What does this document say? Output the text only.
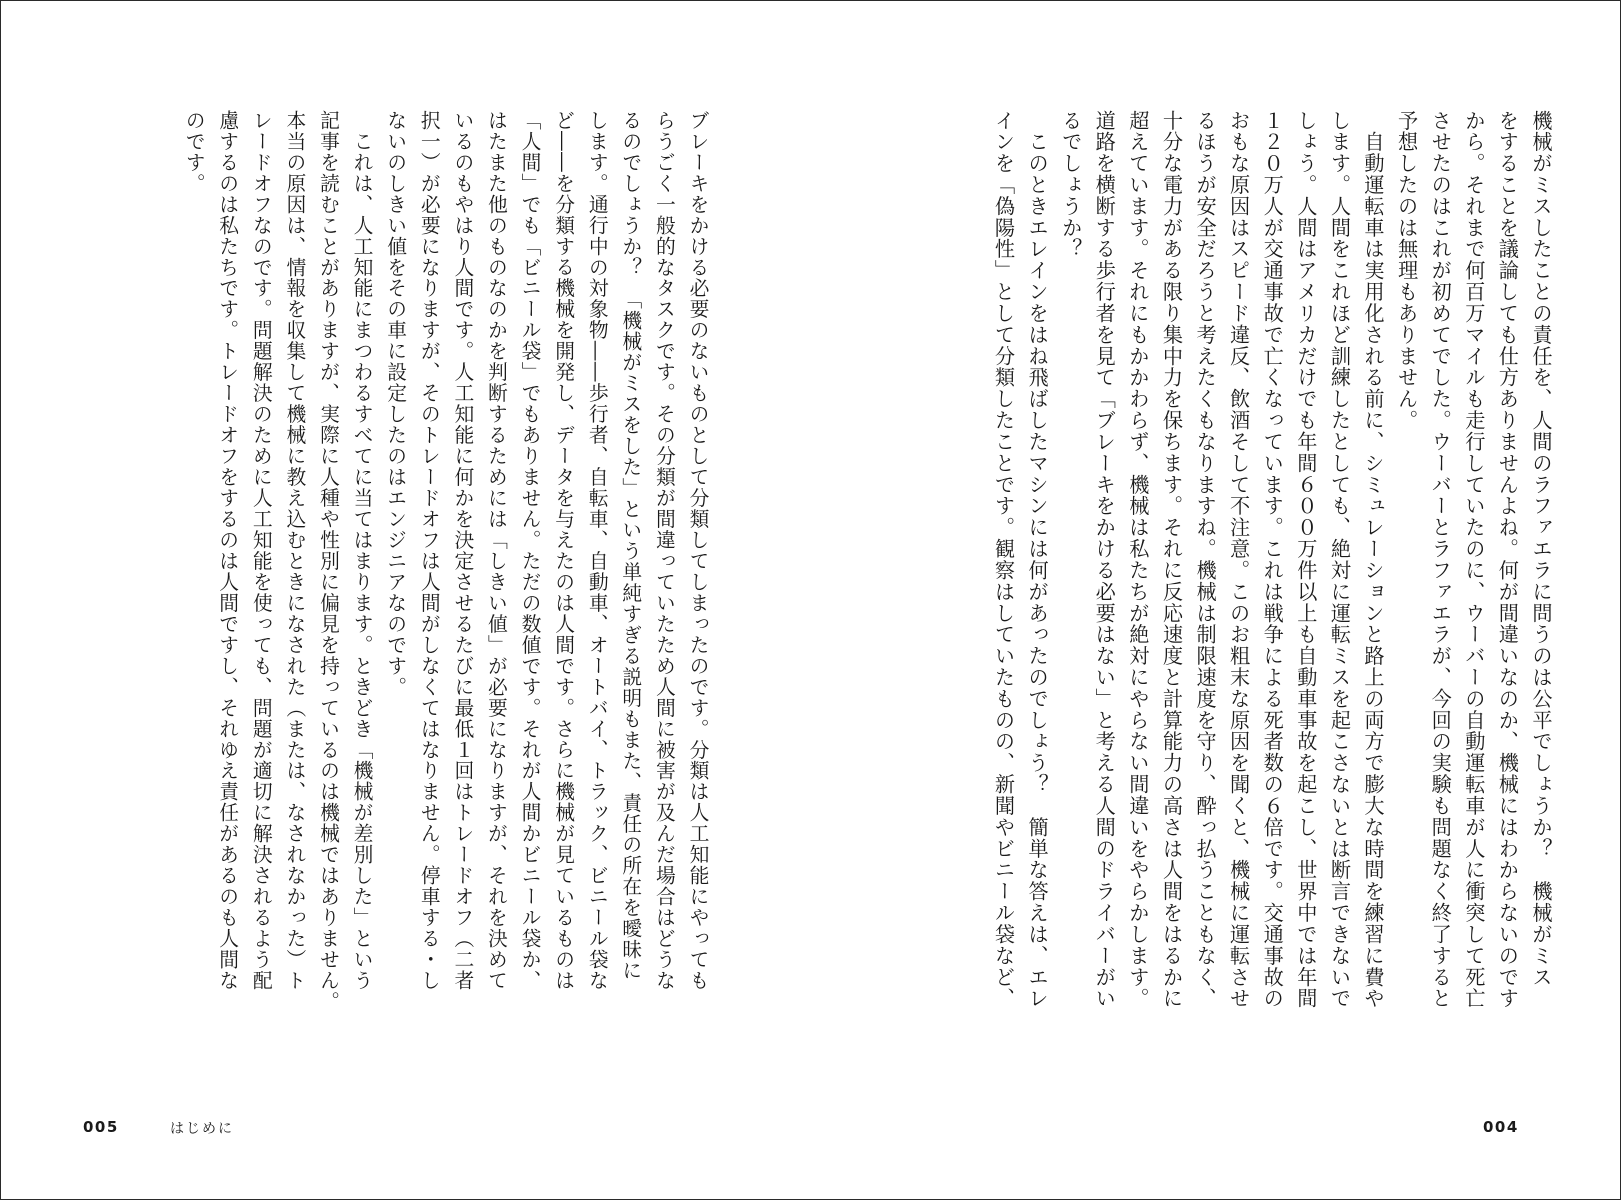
ブレーキをかける必要のないものとして分類してしまったのです。分類は人工知能にやっても

らうごく一般的なタスクです。その分類が間違っていたため人間に被害が及んだ場合はどうな

るのでしょうか？　「機械がミスをした」という単純すぎる説明もまた、責任の所在を曖昧に

します。通行中の対象物――歩行者、自転車、自動車、オートバイ、トラック、ビニール袋な

ど――を分類する機械を開発し、データを与えたのは人間です。さらに機械が見ているものは

「人間」でも「ビニール袋」でもありません。ただの数値です。それが人間かビニール袋か、

はたまた他のものなのかを判断するためには「しきい値」が必要になりますが、それを決めて

いるのもやはり人間です。人工知能に何かを決定させるたびに最低１回はトレードオフ（二者

択一）が必要になりますが、そのトレードオフは人間がしなくてはなりません。停車する・し

ないのしきい値をその車に設定したのはエンジニアなのです。

　これは、人工知能にまつわるすべてに当てはまります。ときどき「機械が差別した」という

記事を読むことがありますが、実際に人種や性別に偏見を持っているのは機械ではありません。

本当の原因は、情報を収集して機械に教え込むときになされた（または、なされなかった）ト

レードオフなのです。問題解決のために人工知能を使っても、問題が適切に解決されるよう配

慮するのは私たちです。トレードオフをするのは人間ですし、それゆえ責任があるのも人間な

のです。	機械がミスしたことの責任を、人間のラファエラに問うのは公平でしょうか？　機械がミス

をすることを議論しても仕方ありませんよね。何が間違いなのか、機械にはわからないのです

から。それまで何百万マイルも走行していたのに、ウーバーの自動運転車が人に衝突して死亡

させたのはこれが初めてでした。ウーバーとラファエラが、今回の実験も問題なく終了すると

予想したのは無理もありません。

　自動運転車は実用化される前に、シミュレーションと路上の両方で膨大な時間を練習に費や

します。人間をこれほど訓練したとしても、絶対に運転ミスを起こさないとは断言できないで

しょう。人間はアメリカだけでも年間６００万件以上も自動車事故を起こし、世界中では年間

１２０万人が交通事故で亡くなっています。これは戦争による死者数の６倍です。交通事故の

おもな原因はスピード違反、飲酒そして不注意。このお粗末な原因を聞くと、機械に運転させ

るほうが安全だろうと考えたくもなりますね。機械は制限速度を守り、酔っ払うこともなく、

十分な電力がある限り集中力を保ちます。それに反応速度と計算能力の高さは人間をはるかに

超えています。それにもかかわらず、機械は私たちが絶対にやらない間違いをやらかします。

道路を横断する歩行者を見て「ブレーキをかける必要はない」と考える人間のドライバーがい

るでしょうか？

　このときエレインをはね飛ばしたマシンには何があったのでしょう？　簡単な答えは、エレ

インを「偽陽性」として分類したことです。観察はしていたものの、新聞やビニール袋など、

005	はじめに	004
